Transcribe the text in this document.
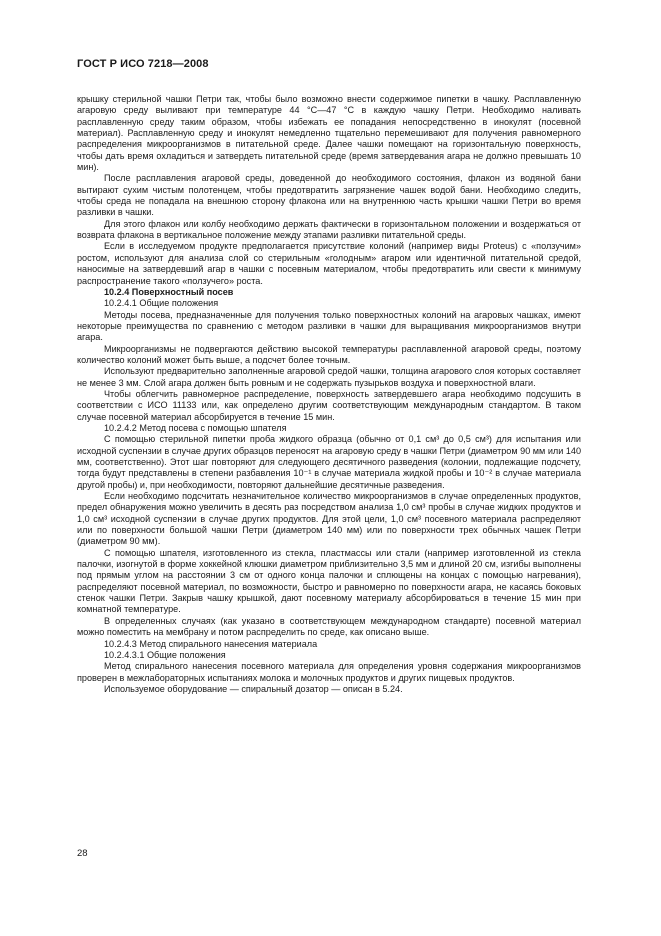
ГОСТ Р ИСО 7218—2008

крышку стерильной чашки Петри так, чтобы было возможно внести содержимое пипетки в чашку. Расплавленную агаровую среду выливают при температуре 44 °С—47 °С в каждую чашку Петри. Необходимо наливать расплавленную среду таким образом, чтобы избежать ее попадания непосредственно в инокулят (посевной материал). Расплавленную среду и инокулят немедленно тщательно перемешивают для получения равномерного распределения микроорганизмов в питательной среде. Далее чашки помещают на горизонтальную поверхность, чтобы дать время охладиться и затвердеть питательной среде (время затвердевания агара не должно превышать 10 мин).

После расплавления агаровой среды, доведенной до необходимого состояния, флакон из водяной бани вытирают сухим чистым полотенцем, чтобы предотвратить загрязнение чашек водой бани. Необходимо следить, чтобы среда не попадала на внешнюю сторону флакона или на внутреннюю часть крышки чашки Петри во время разливки в чашки.

Для этого флакон или колбу необходимо держать фактически в горизонтальном положении и воздержаться от возврата флакона в вертикальное положение между этапами разливки питательной среды.

Если в исследуемом продукте предполагается присутствие колоний (например виды Proteus) с «ползучим» ростом, используют для анализа слой со стерильным «голодным» агаром или идентичной питательной средой, наносимые на затвердевший агар в чашки с посевным материалом, чтобы предотвратить или свести к минимуму распространение такого «ползучего» роста.

10.2.4 Поверхностный посев

10.2.4.1 Общие положения

Методы посева, предназначенные для получения только поверхностных колоний на агаровых чашках, имеют некоторые преимущества по сравнению с методом разливки в чашки для выращивания микроорганизмов внутри агара.

Микроорганизмы не подвергаются действию высокой температуры расплавленной агаровой среды, поэтому количество колоний может быть выше, а подсчет более точным.

Используют предварительно заполненные агаровой средой чашки, толщина агарового слоя которых составляет не менее 3 мм. Слой агара должен быть ровным и не содержать пузырьков воздуха и поверхностной влаги.

Чтобы облегчить равномерное распределение, поверхность затвердевшего агара необходимо подсушить в соответствии с ИСО 11133 или, как определено другим соответствующим международным стандартом. В таком случае посевной материал абсорбируется в течение 15 мин.

10.2.4.2 Метод посева с помощью шпателя

С помощью стерильной пипетки проба жидкого образца (обычно от 0,1 см³ до 0,5 см³) для испытания или исходной суспензии в случае других образцов переносят на агаровую среду в чашки Петри (диаметром 90 мм или 140 мм, соответственно). Этот шаг повторяют для следующего десятичного разведения (колонии, подлежащие подсчету, тогда будут представлены в степени разбавления 10⁻¹ в случае материала жидкой пробы и 10⁻² в случае материала другой пробы) и, при необходимости, повторяют дальнейшие десятичные разведения.

Если необходимо подсчитать незначительное количество микроорганизмов в случае определенных продуктов, предел обнаружения можно увеличить в десять раз посредством анализа 1,0 см³ пробы в случае жидких продуктов и 1,0 см³ исходной суспензии в случае других продуктов. Для этой цели, 1,0 см³ посевного материала распределяют или по поверхности большой чашки Петри (диаметром 140 мм) или по поверхности трех обычных чашек Петри (диаметром 90 мм).

С помощью шпателя, изготовленного из стекла, пластмассы или стали (например изготовленной из стекла палочки, изогнутой в форме хоккейной клюшки диаметром приблизительно 3,5 мм и длиной 20 см, изгибы выполнены под прямым углом на расстоянии 3 см от одного конца палочки и сплющены на концах с помощью нагревания), распределяют посевной материал, по возможности, быстро и равномерно по поверхности агара, не касаясь боковых стенок чашки Петри. Закрыв чашку крышкой, дают посевному материалу абсорбироваться в течение 15 мин при комнатной температуре.

В определенных случаях (как указано в соответствующем международном стандарте) посевной материал можно поместить на мембрану и потом распределить по среде, как описано выше.

10.2.4.3 Метод спирального нанесения материала

10.2.4.3.1 Общие положения

Метод спирального нанесения посевного материала для определения уровня содержания микроорганизмов проверен в межлабораторных испытаниях молока и молочных продуктов и других пищевых продуктов.

Используемое оборудование — спиральный дозатор — описан в 5.24.

28
